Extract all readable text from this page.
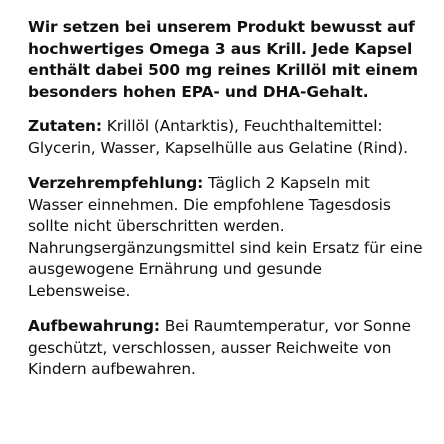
Wir setzen bei unserem Produkt bewusst auf hochwertiges Omega 3 aus Krill. Jede Kapsel enthält dabei 500 mg reines Krillöl mit einem besonders hohen EPA- und DHA-Gehalt.

Zutaten: Krillöl (Antarktis), Feuchthaltemittel: Glycerin, Wasser, Kapselhülle aus Gelatine (Rind).

Verzehrempfehlung: Täglich 2 Kapseln mit Wasser einnehmen. Die empfohlene Tagesdosis sollte nicht überschritten werden. Nahrungsergänzungsmittel sind kein Ersatz für eine ausgewogene Ernährung und gesunde Lebensweise.

Aufbewahrung: Bei Raumtemperatur, vor Sonne geschützt, verschlossen, ausser Reichweite von Kindern aufbewahren.
